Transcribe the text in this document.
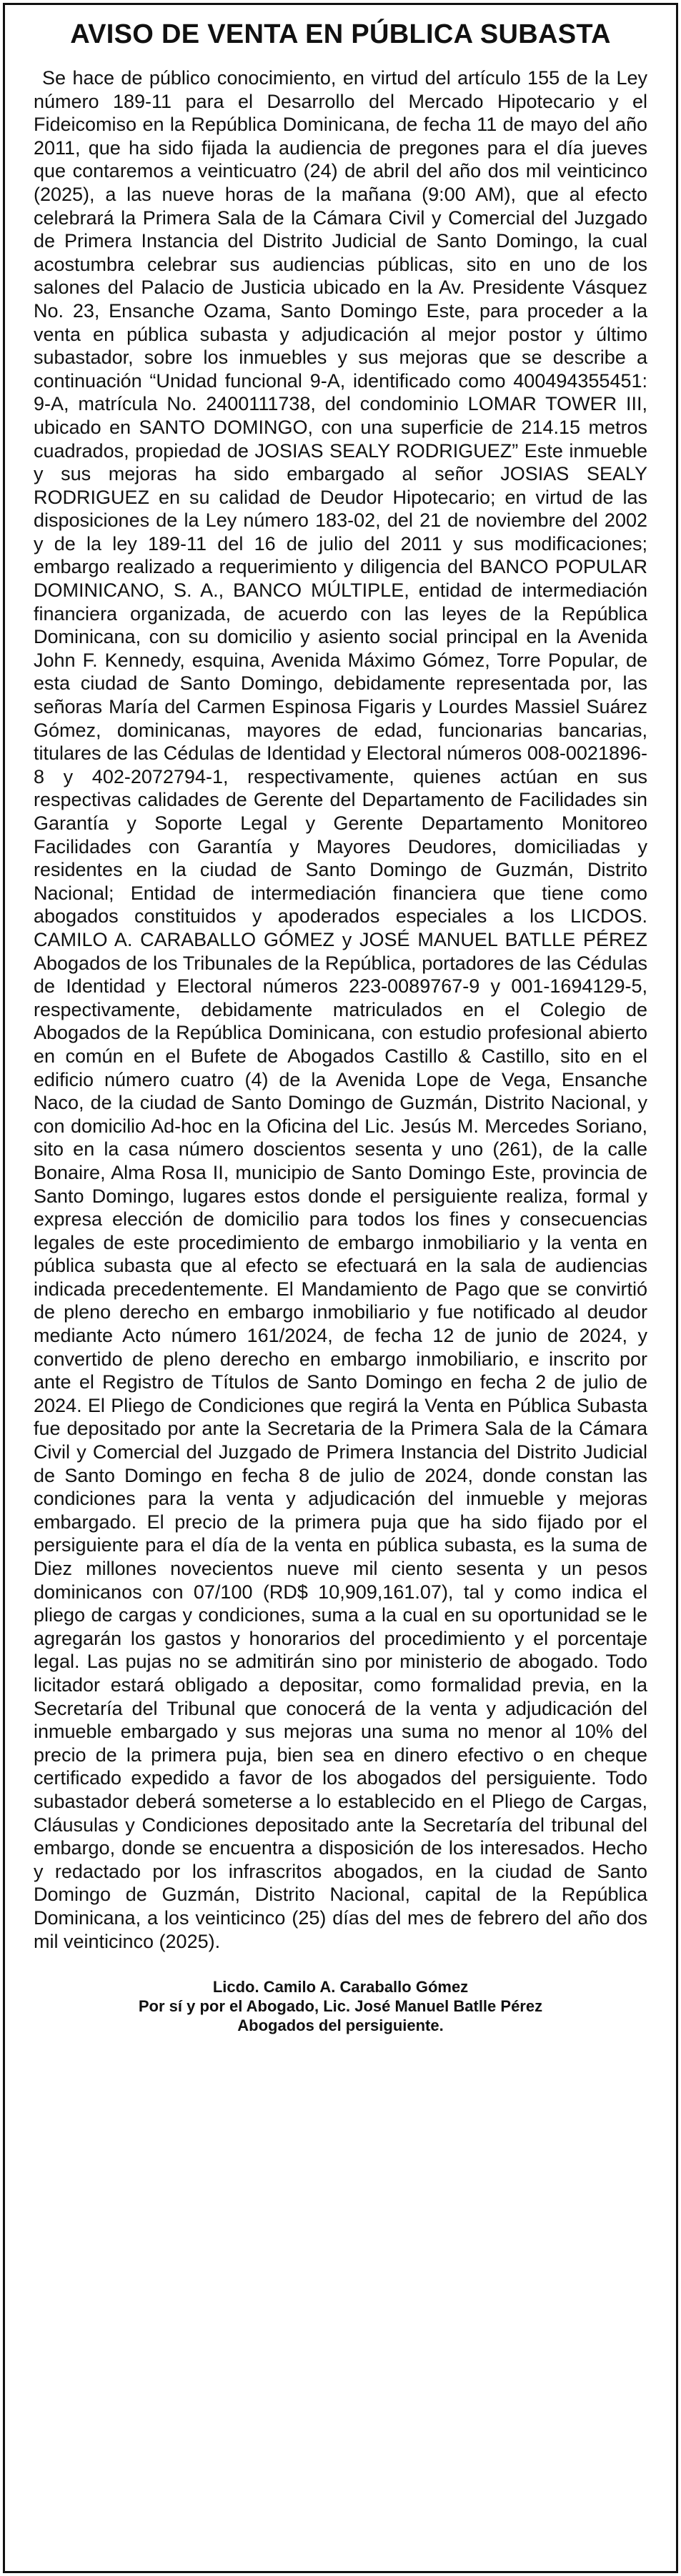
AVISO DE VENTA EN PÚBLICA SUBASTA

Se hace de público conocimiento, en virtud del artículo 155 de la Ley número 189-11 para el Desarrollo del Mercado Hipotecario y el Fideicomiso en la República Dominicana, de fecha 11 de mayo del año 2011, que ha sido fijada la audiencia de pregones para el día jueves que contaremos a veinticuatro (24) de abril del año dos mil veinticinco (2025), a las nueve horas de la mañana (9:00 AM), que al efecto celebrará la Primera Sala de la Cámara Civil y Comercial del Juzgado de Primera Instancia del Distrito Judicial de Santo Domingo, la cual acostumbra celebrar sus audiencias públicas, sito en uno de los salones del Palacio de Justicia ubicado en la Av. Presidente Vásquez No. 23, Ensanche Ozama, Santo Domingo Este, para proceder a la venta en pública subasta y adjudicación al mejor postor y último subastador, sobre los inmuebles y sus mejoras que se describe a continuación “Unidad funcional 9-A, identificado como 400494355451: 9-A, matrícula No. 2400111738, del condominio LOMAR TOWER III, ubicado en SANTO DOMINGO, con una superficie de 214.15 metros cuadrados, propiedad de JOSIAS SEALY RODRIGUEZ” Este inmueble y sus mejoras ha sido embargado al señor JOSIAS SEALY RODRIGUEZ en su calidad de Deudor Hipotecario; en virtud de las disposiciones de la Ley número 183-02, del 21 de noviembre del 2002 y de la ley 189-11 del 16 de julio del 2011 y sus modificaciones; embargo realizado a requerimiento y diligencia del BANCO POPULAR DOMINICANO, S. A., BANCO MÚLTIPLE, entidad de intermediación financiera organizada, de acuerdo con las leyes de la República Dominicana, con su domicilio y asiento social principal en la Avenida John F. Kennedy, esquina, Avenida Máximo Gómez, Torre Popular, de esta ciudad de Santo Domingo, debidamente representada por, las señoras María del Carmen Espinosa Figaris y Lourdes Massiel Suárez Gómez, dominicanas, mayores de edad, funcionarias bancarias, titulares de las Cédulas de Identidad y Electoral números 008-0021896-8 y 402-2072794-1, respectivamente, quienes actúan en sus respectivas calidades de Gerente del Departamento de Facilidades sin Garantía y Soporte Legal y Gerente Departamento Monitoreo Facilidades con Garantía y Mayores Deudores, domiciliadas y residentes en la ciudad de Santo Domingo de Guzmán, Distrito Nacional; Entidad de intermediación financiera que tiene como abogados constituidos y apoderados especiales a los LICDOS. CAMILO A. CARABALLO GÓMEZ y JOSÉ MANUEL BATLLE PÉREZ Abogados de los Tribunales de la República, portadores de las Cédulas de Identidad y Electoral números 223-0089767-9 y 001-1694129-5, respectivamente, debidamente matriculados en el Colegio de Abogados de la República Dominicana, con estudio profesional abierto en común en el Bufete de Abogados Castillo & Castillo, sito en el edificio número cuatro (4) de la Avenida Lope de Vega, Ensanche Naco, de la ciudad de Santo Domingo de Guzmán, Distrito Nacional, y con domicilio Ad-hoc en la Oficina del Lic. Jesús M. Mercedes Soriano, sito en la casa número doscientos sesenta y uno (261), de la calle Bonaire, Alma Rosa II, municipio de Santo Domingo Este, provincia de Santo Domingo, lugares estos donde el persiguiente realiza, formal y expresa elección de domicilio para todos los fines y consecuencias legales de este procedimiento de embargo inmobiliario y la venta en pública subasta que al efecto se efectuará en la sala de audiencias indicada precedentemente. El Mandamiento de Pago que se convirtió de pleno derecho en embargo inmobiliario y fue notificado al deudor mediante Acto número 161/2024, de fecha 12 de junio de 2024, y convertido de pleno derecho en embargo inmobiliario, e inscrito por ante el Registro de Títulos de Santo Domingo en fecha 2 de julio de 2024. El Pliego de Condiciones que regirá la Venta en Pública Subasta fue depositado por ante la Secretaria de la Primera Sala de la Cámara Civil y Comercial del Juzgado de Primera Instancia del Distrito Judicial de Santo Domingo en fecha 8 de julio de 2024, donde constan las condiciones para la venta y adjudicación del inmueble y mejoras embargado. El precio de la primera puja que ha sido fijado por el persiguiente para el día de la venta en pública subasta, es la suma de Diez millones novecientos nueve mil ciento sesenta y un pesos dominicanos con 07/100 (RD$ 10,909,161.07), tal y como indica el pliego de cargas y condiciones, suma a la cual en su oportunidad se le agregarán los gastos y honorarios del procedimiento y el porcentaje legal. Las pujas no se admitirán sino por ministerio de abogado. Todo licitador estará obligado a depositar, como formalidad previa, en la Secretaría del Tribunal que conocerá de la venta y adjudicación del inmueble embargado y sus mejoras una suma no menor al 10% del precio de la primera puja, bien sea en dinero efectivo o en cheque certificado expedido a favor de los abogados del persiguiente. Todo subastador deberá someterse a lo establecido en el Pliego de Cargas, Cláusulas y Condiciones depositado ante la Secretaría del tribunal del embargo, donde se encuentra a disposición de los interesados. Hecho y redactado por los infrascritos abogados, en la ciudad de Santo Domingo de Guzmán, Distrito Nacional, capital de la República Dominicana, a los veinticinco (25) días del mes de febrero del año dos mil veinticinco (2025).

Licdo. Camilo A. Caraballo Gómez
Por sí y por el Abogado, Lic. José Manuel Batlle Pérez
Abogados del persiguiente.
